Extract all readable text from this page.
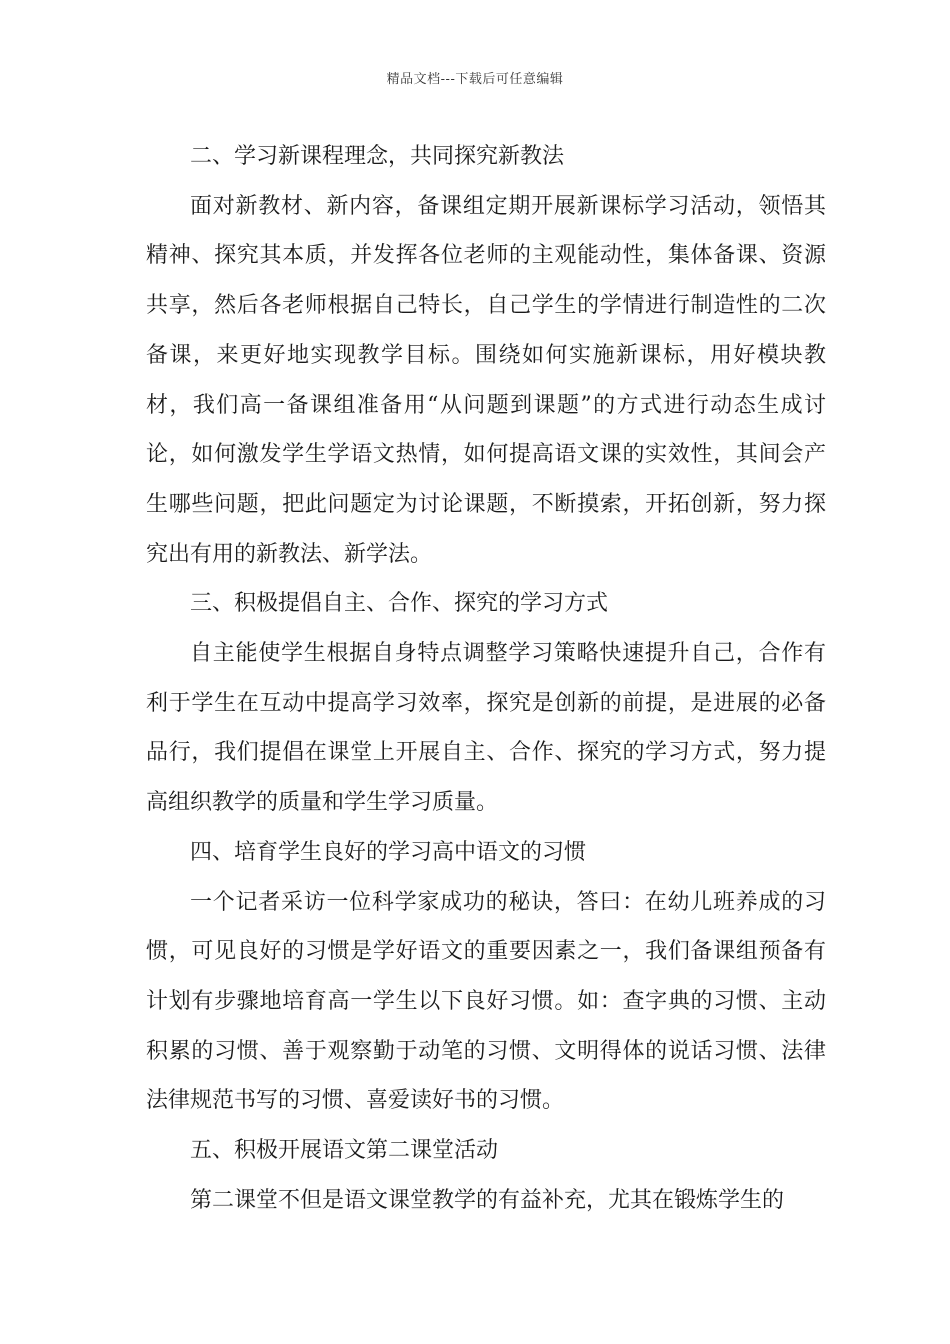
精品文档---下载后可任意编辑

二、学习新课程理念，共同探究新教法

面对新教材、新内容，备课组定期开展新课标学习活动，领悟其精神、探究其本质，并发挥各位老师的主观能动性，集体备课、资源共享，然后各老师根据自己特长，自己学生的学情进行制造性的二次备课，来更好地实现教学目标。围绕如何实施新课标，用好模块教材，我们高一备课组准备用“从问题到课题”的方式进行动态生成讨论，如何激发学生学语文热情，如何提高语文课的实效性，其间会产生哪些问题，把此问题定为讨论课题，不断摸索，开拓创新，努力探究出有用的新教法、新学法。

三、积极提倡自主、合作、探究的学习方式

自主能使学生根据自身特点调整学习策略快速提升自己，合作有利于学生在互动中提高学习效率，探究是创新的前提，是进展的必备品行，我们提倡在课堂上开展自主、合作、探究的学习方式，努力提高组织教学的质量和学生学习质量。

四、培育学生良好的学习高中语文的习惯

一个记者采访一位科学家成功的秘诀，答曰：在幼儿班养成的习惯，可见良好的习惯是学好语文的重要因素之一，我们备课组预备有计划有步骤地培育高一学生以下良好习惯。如：查字典的习惯、主动积累的习惯、善于观察勤于动笔的习惯、文明得体的说话习惯、法律法律规范书写的习惯、喜爱读好书的习惯。

五、积极开展语文第二课堂活动

第二课堂不但是语文课堂教学的有益补充，尤其在锻炼学生的
